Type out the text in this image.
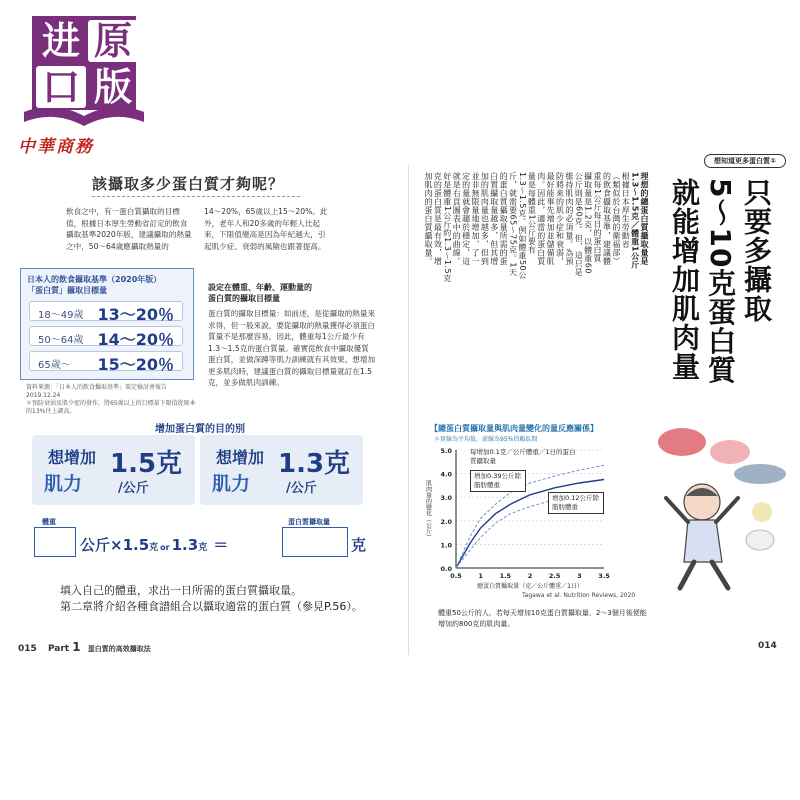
进 原
口 版
中華商務
該攝取多少蛋白質才夠呢？
飲食之中，有一蛋白質攝取的目標值，根據日本厚生勞動省訂定的飲食攝取基準2020年版，建議攝取的熱量之中，50～64歲應攝取熱量的
14～20%，65歲以上15～20%。此外，老年人和20多歲的年輕人比起來，下限值變高是因為年紀越大，引起肌少症、衰弱的風險也跟著提高。
日本人的飲食攝取基準（2020年版）
「蛋白質」攝取目標量
18～49歲 13～20％
50～64歲 14～20％
65歲～ 15～20％
資料來源：「日本人的飲食攝取基準」策定檢討會報告 2019.12.24
＊預防衰弱及肌少症的發作，將65歲以上的目標量下限值從原本的13%往上調高。
設定在體重、年齡、運動量的
蛋白質的攝取目標量
蛋白質的攝取目標量：如前述，是從攝取的熱量來求得，但一般來說，要從攝取的熱量獲得必須蛋白質量不是那麼容易，因此，體重每1公斤最少有1.3～1.5克的蛋白質量。確實從飲食中攝取優質蛋白質，並做深蹲等肌力訓練就有其效果。想增加更多肌肉時，建議蛋白質的攝取目標量就訂在1.5克，並多做肌肉訓練。
增加蛋白質的目的別
想增加
肌力
1.5克
/公斤
想增加
肌力
1.3克
/公斤
體重	蛋白質攝取量
公斤×1.5克 or 1.3克 ＝	克
填入自己的體重，求出一日所需的蛋白質攝取量。
第二章將介紹各種食譜組合以攝取適當的蛋白質（參見P.56）。
015 Part 1 蛋白質的高效攝取法
想知道更多蛋白質①
只要多攝取
5～10克蛋白質
就能增加肌肉量
理想的總蛋白質攝取量是
1.3～1.5克／體重1公斤
根據日本厚生勞動省
（類似於台灣的衛福部）
的飲食攝取基準，建議體
重每1公斤每日的蛋白質
攝取量是1.2克，以體重60
公斤則是60克。但，這只是
維持肌肉的必須量。為預
防將來的肌少症和衰弱，
最好能事先增加並儲備肌
肉。因此，適當的蛋白質
量是每體重1公斤要有
1.3～1.5克。例如體重50公
斤，就需要65～75克。1天
的蛋白質攝取量所需的蛋
白質攝取量越多，但其增
加的肌肉量也越多，但到
並非無限量地增加，了一
定的量就會趨於穩定，這
就是右頁圖表中的曲線。
好是體重1公斤約1.3～1.5克
克的蛋白質是最有效，增
加肌肉的蛋白質攝取量。
【總蛋白質攝取量與肌肉量變化的量反應關係】
＊實線為平均值，虛線為95%信賴區間
0.0
1.0
2.0
3.0
4.0
5.0
0.5	1	1.5	2	2.5	3	3.5
總蛋白質攝取量（克／公斤體重／1日）
肌肉量的變化（公斤）
每增加0.1克／公斤體重／1日的蛋白質攝取量
增加0.39公斤除脂肪體重
增加0.12公斤除脂肪體重
Tagawa et al. Nutrition Reviews, 2020
體重50公斤的人，若每天增加10克蛋白質攝取量，2～3個月後便能增加約800克的肌肉量。
014
